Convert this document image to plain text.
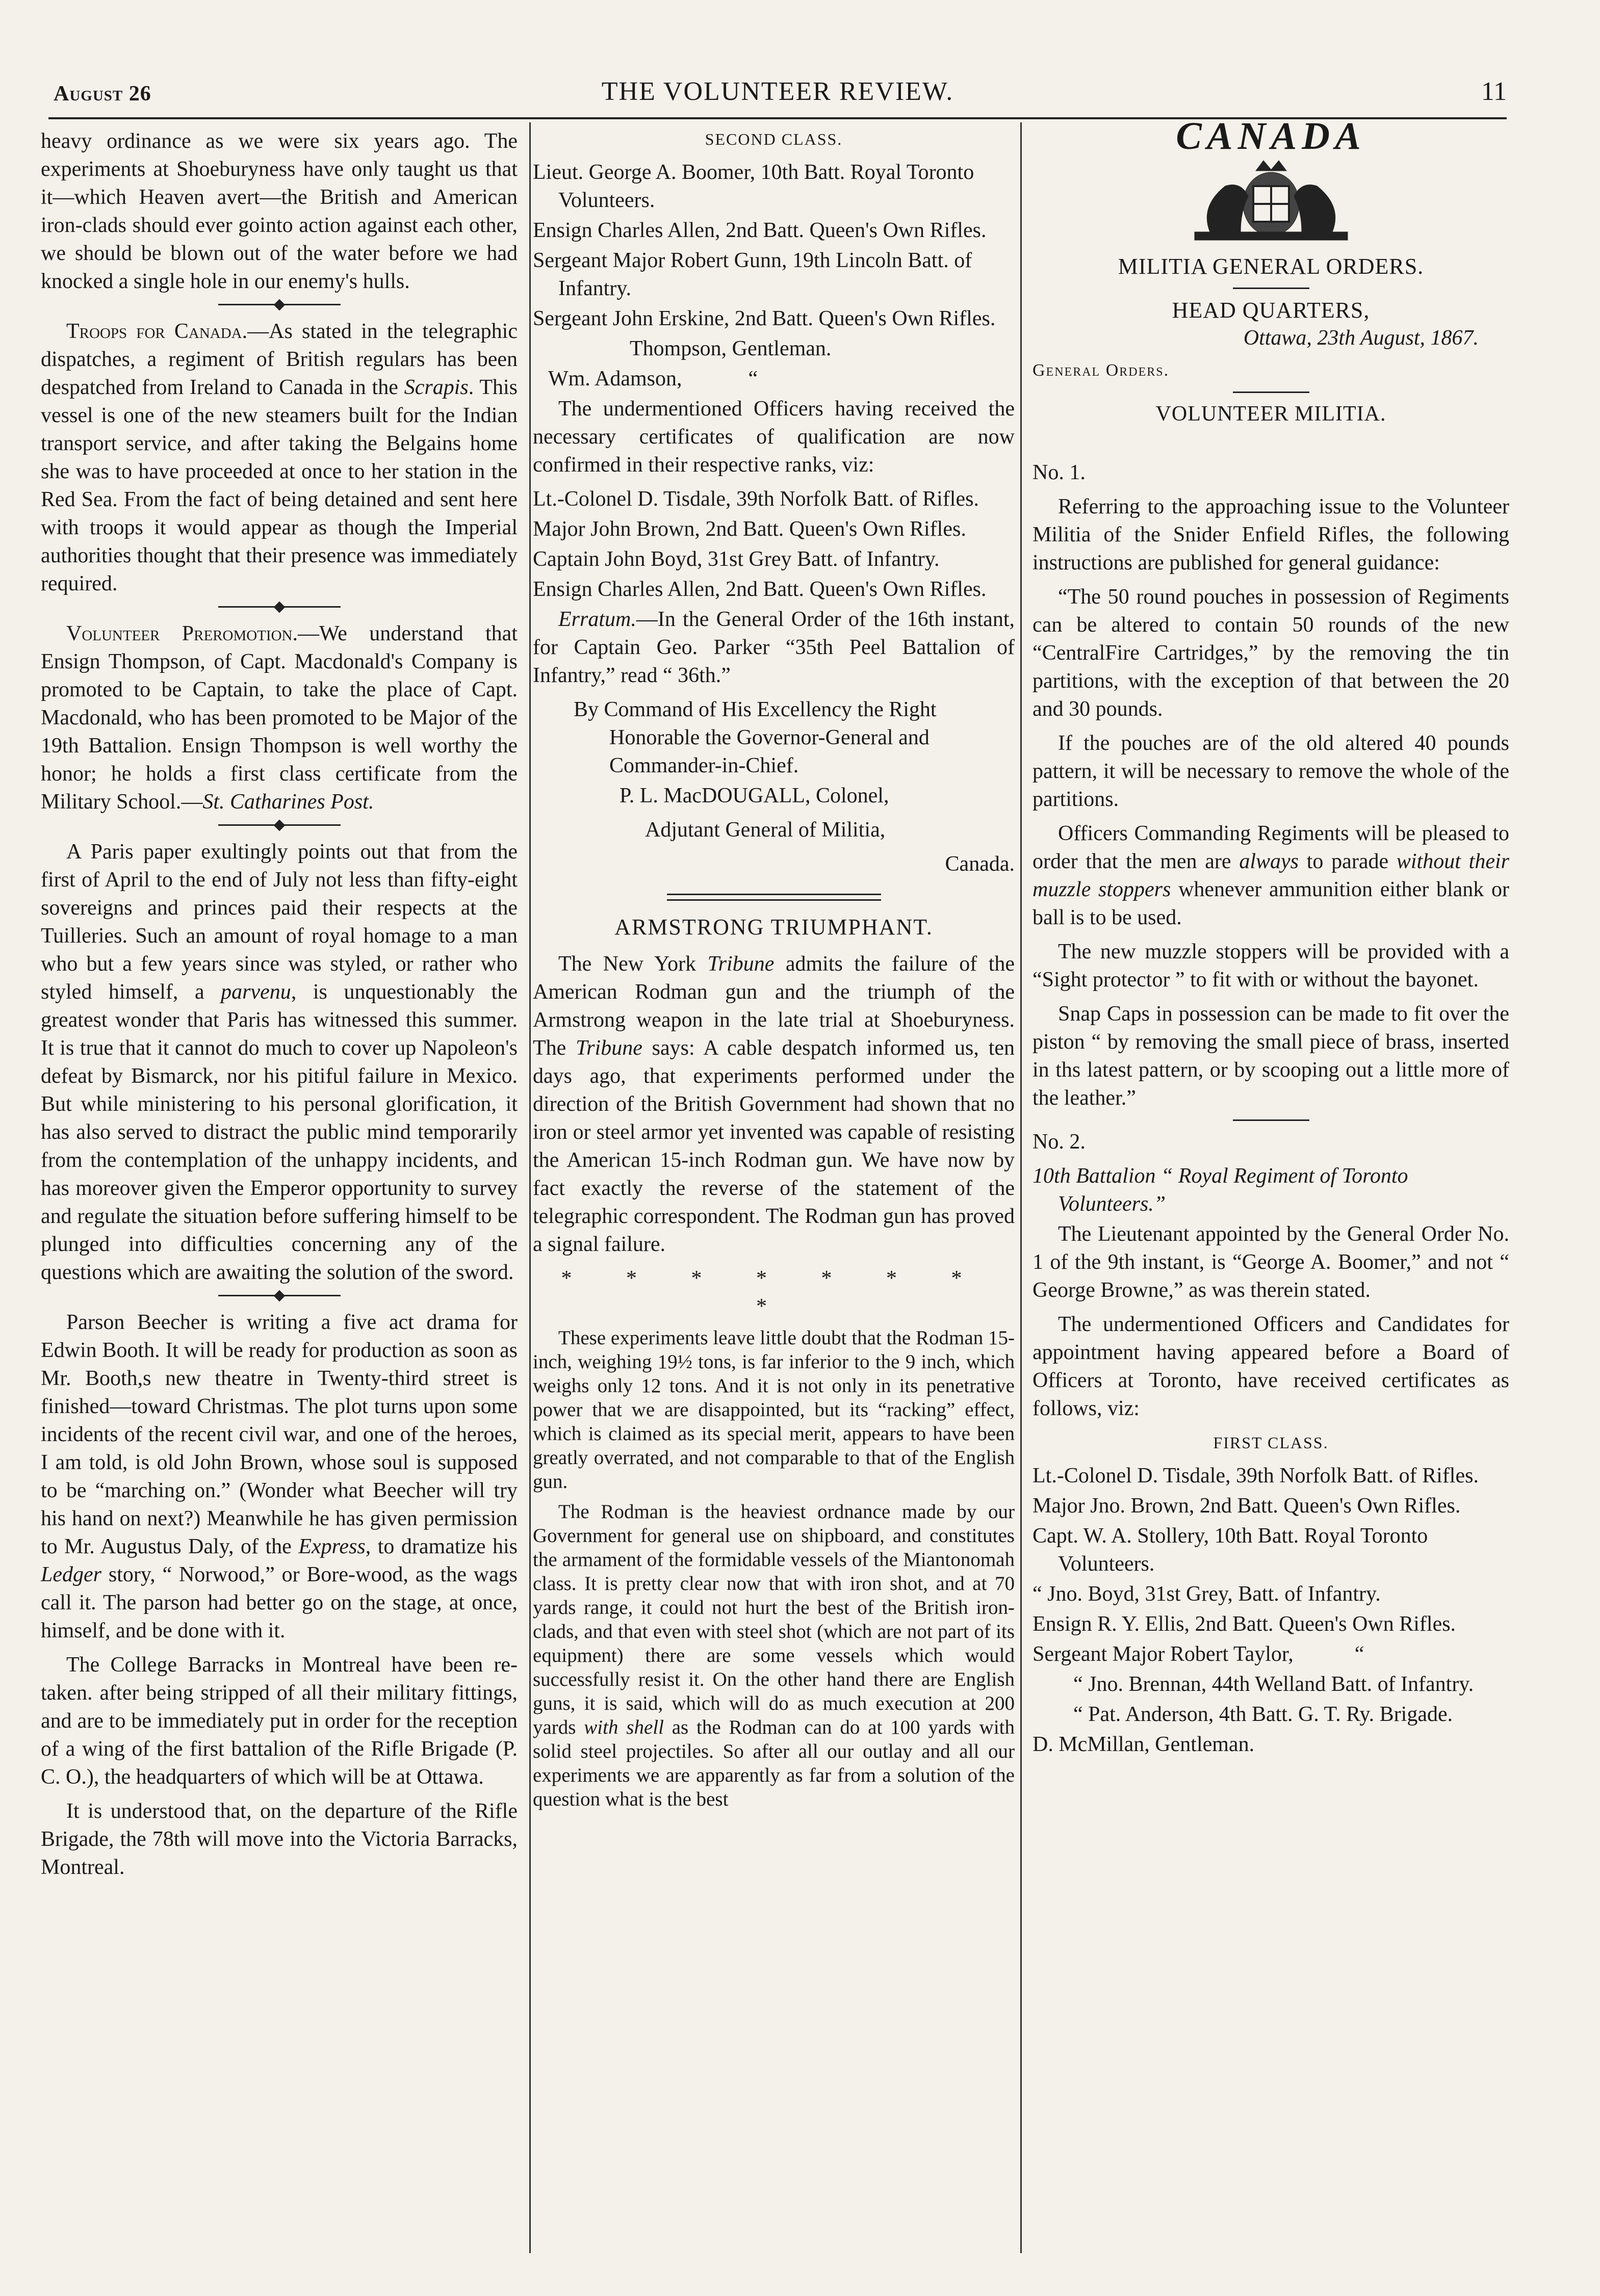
August 26	THE VOLUNTEER REVIEW.	11

heavy ordinance as we were six years ago. The experiments at Shoeburyness have only taught us that it—which Heaven avert—the British and American iron-clads should ever gointo action against each other, we should be blown out of the water before we had knocked a single hole in our enemy's hulls.

Troops for Canada.—As stated in the telegraphic dispatches, a regiment of British regulars has been despatched from Ireland to Canada in the Scrapis. This vessel is one of the new steamers built for the Indian transport service, and after taking the Belgains home she was to have proceeded at once to her station in the Red Sea. From the fact of being detained and sent here with troops it would appear as though the Imperial authorities thought that their presence was immediately required.

Volunteer Preromotion.—We understand that Ensign Thompson, of Capt. Macdonald's Company is promoted to be Captain, to take the place of Capt. Macdonald, who has been promoted to be Major of the 19th Battalion. Ensign Thompson is well worthy the honor; he holds a first class certificate from the Military School.—St. Catharines Post.

A Paris paper exultingly points out that from the first of April to the end of July not less than fifty-eight sovereigns and princes paid their respects at the Tuilleries. Such an amount of royal homage to a man who but a few years since was styled, or rather who styled himself, a parvenu, is unquestionably the greatest wonder that Paris has witnessed this summer. It is true that it cannot do much to cover up Napoleon's defeat by Bismarck, nor his pitiful failure in Mexico. But while ministering to his personal glorification, it has also served to distract the public mind temporarily from the contemplation of the unhappy incidents, and has moreover given the Emperor opportunity to survey and regulate the situation before suffering himself to be plunged into difficulties concerning any of the questions which are awaiting the solution of the sword.

Parson Beecher is writing a five act drama for Edwin Booth. It will be ready for production as soon as Mr. Booth,s new theatre in Twenty-third street is finished—toward Christmas. The plot turns upon some incidents of the recent civil war, and one of the heroes, I am told, is old John Brown, whose soul is supposed to be “marching on.” (Wonder what Beecher will try his hand on next?) Meanwhile he has given permission to Mr. Augustus Daly, of the Express, to dramatize his Ledger story, “ Norwood,” or Bore-wood, as the wags call it. The parson had better go on the stage, at once, himself, and be done with it.

The College Barracks in Montreal have been re-taken. after being stripped of all their military fittings, and are to be immediately put in order for the reception of a wing of the first battalion of the Rifle Brigade (P. C. O.), the headquarters of which will be at Ottawa.

It is understood that, on the departure of the Rifle Brigade, the 78th will move into the Victoria Barracks, Montreal.

SECOND CLASS.

Lieut. George A. Boomer, 10th Batt. Royal Toronto Volunteers.

Ensign Charles Allen, 2nd Batt. Queen's Own Rifles.

Sergeant Major Robert Gunn, 19th Lincoln Batt. of Infantry.

Sergeant John Erskine, 2nd Batt. Queen's Own Rifles.

Thompson, Gentleman.

Wm. Adamson,	“

The undermentioned Officers having received the necessary certificates of qualification are now confirmed in their respective ranks, viz:

Lt.-Colonel D. Tisdale, 39th Norfolk Batt. of Rifles.

Major John Brown, 2nd Batt. Queen's Own Rifles.

Captain John Boyd, 31st Grey Batt. of Infantry.

Ensign Charles Allen, 2nd Batt. Queen's Own Rifles.

Erratum.—In the General Order of the 16th instant, for Captain Geo. Parker “35th Peel Battalion of Infantry,” read “ 36th.”

By Command of His Excellency the Right Honorable the Governor-General and Commander-in-Chief.

P. L. MacDOUGALL, Colonel,

Adjutant General of Militia,

Canada.

ARMSTRONG TRIUMPHANT.

The New York Tribune admits the failure of the American Rodman gun and the triumph of the Armstrong weapon in the late trial at Shoeburyness. The Tribune says: A cable despatch informed us, ten days ago, that experiments performed under the direction of the British Government had shown that no iron or steel armor yet invented was capable of resisting the American 15-inch Rodman gun. We have now by fact exactly the reverse of the statement of the telegraphic correspondent. The Rodman gun has proved a signal failure.

* * * * * * * *

These experiments leave little doubt that the Rodman 15-inch, weighing 19½ tons, is far inferior to the 9 inch, which weighs only 12 tons. And it is not only in its penetrative power that we are disappointed, but its “racking” effect, which is claimed as its special merit, appears to have been greatly overrated, and not comparable to that of the English gun.

The Rodman is the heaviest ordnance made by our Government for general use on shipboard, and constitutes the armament of the formidable vessels of the Miantonomah class. It is pretty clear now that with iron shot, and at 70 yards range, it could not hurt the best of the British iron-clads, and that even with steel shot (which are not part of its equipment) there are some vessels which would successfully resist it. On the other hand there are English guns, it is said, which will do as much execution at 200 yards with shell as the Rodman can do at 100 yards with solid steel projectiles. So after all our outlay and all our experiments we are apparently as far from a solution of the question what is the best

CANADA
MILITIA GENERAL ORDERS.
HEAD QUARTERS,
Ottawa, 23th August, 1867.
General Orders.
VOLUNTEER MILITIA.

No. 1.

Referring to the approaching issue to the Volunteer Militia of the Snider Enfield Rifles, the following instructions are published for general guidance:

“The 50 round pouches in possession of Regiments can be altered to contain 50 rounds of the new “CentralFire Cartridges,” by the removing the tin partitions, with the exception of that between the 20 and 30 pounds.

If the pouches are of the old altered 40 pounds pattern, it will be necessary to remove the whole of the partitions.

Officers Commanding Regiments will be pleased to order that the men are always to parade without their muzzle stoppers whenever ammunition either blank or ball is to be used.

The new muzzle stoppers will be provided with a “Sight protector ” to fit with or without the bayonet.

Snap Caps in possession can be made to fit over the piston “ by removing the small piece of brass, inserted in ths latest pattern, or by scooping out a little more of the leather.”

No. 2.

10th Battalion “ Royal Regiment of Toronto Volunteers.”

The Lieutenant appointed by the General Order No. 1 of the 9th instant, is “George A. Boomer,” and not “ George Browne,” as was therein stated.

The undermentioned Officers and Candidates for appointment having appeared before a Board of Officers at Toronto, have received certificates as follows, viz:

FIRST CLASS.

Lt.-Colonel D. Tisdale, 39th Norfolk Batt. of Rifles.

Major Jno. Brown, 2nd Batt. Queen's Own Rifles.

Capt. W. A. Stollery, 10th Batt. Royal Toronto Volunteers.

“ Jno. Boyd, 31st Grey, Batt. of Infantry.

Ensign R. Y. Ellis, 2nd Batt. Queen's Own Rifles.

Sergeant Major Robert Taylor,	“

“ Jno. Brennan, 44th Welland Batt. of Infantry.

“ Pat. Anderson, 4th Batt. G. T. Ry. Brigade.

D. McMillan, Gentleman.
